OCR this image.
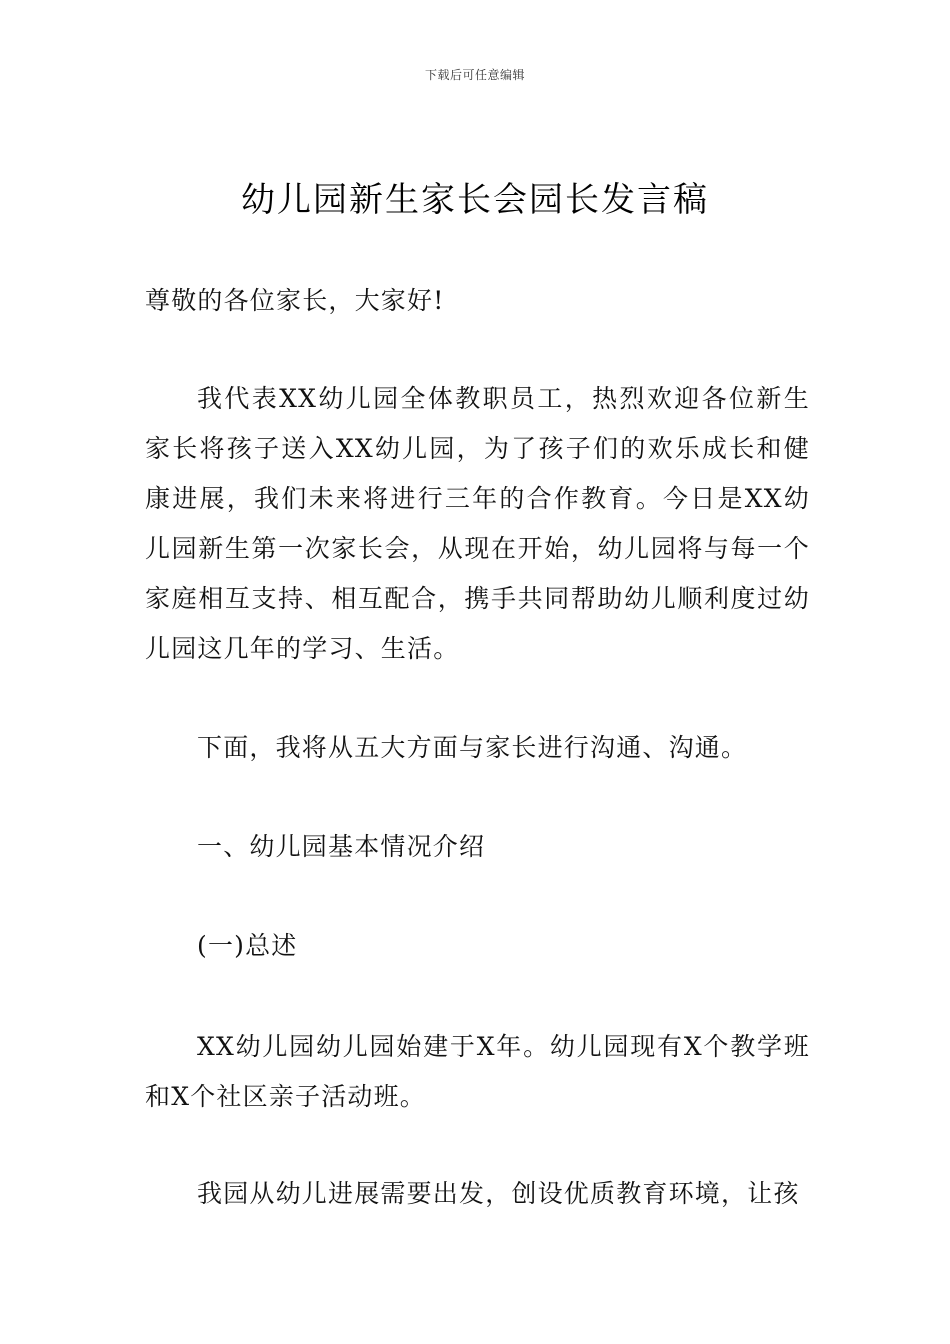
下载后可任意编辑
幼儿园新生家长会园长发言稿

尊敬的各位家长，大家好!

我代表XX幼儿园全体教职员工，热烈欢迎各位新生家长将孩子送入XX幼儿园，为了孩子们的欢乐成长和健康进展，我们未来将进行三年的合作教育。今日是XX幼儿园新生第一次家长会，从现在开始，幼儿园将与每一个家庭相互支持、相互配合，携手共同帮助幼儿顺利度过幼儿园这几年的学习、生活。

下面，我将从五大方面与家长进行沟通、沟通。

一、幼儿园基本情况介绍

(一)总述

XX幼儿园幼儿园始建于X年。幼儿园现有X个教学班和X个社区亲子活动班。

我园从幼儿进展需要出发，创设优质教育环境，让孩
